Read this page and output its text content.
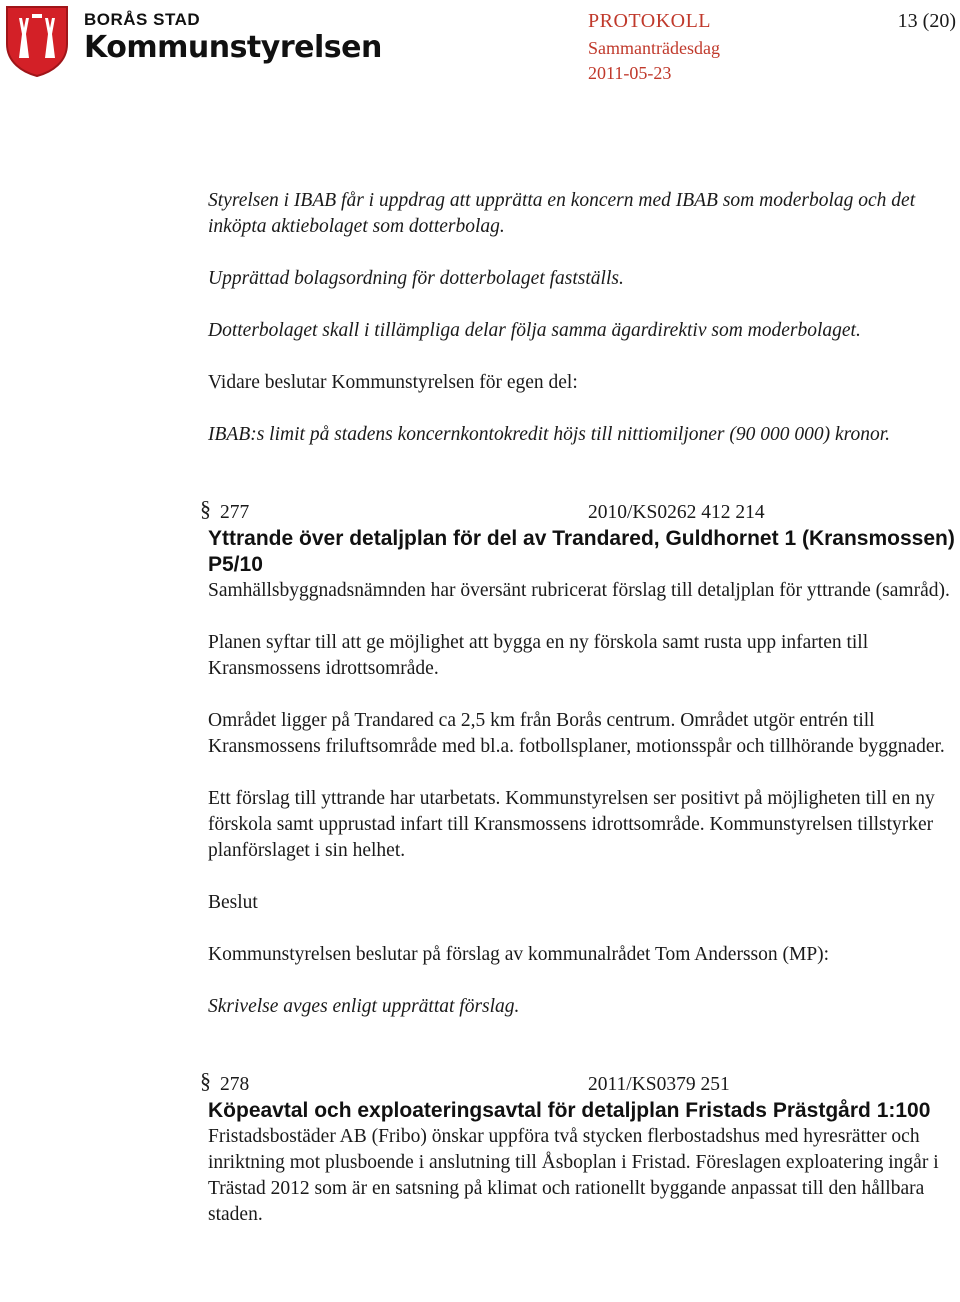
BORÅS STAD
Kommunstyrelsen
PROTOKOLL	13 (20)
Sammanträdesdag
2011-05-23

Styrelsen i IBAB får i uppdrag att upprätta en koncern med IBAB som moderbolag och det inköpta aktiebolaget som dotterbolag.

Upprättad bolagsordning för dotterbolaget fastställs.

Dotterbolaget skall i tillämpliga delar följa samma ägardirektiv som moderbolaget.

Vidare beslutar Kommunstyrelsen för egen del:

IBAB:s limit på stadens koncernkontokredit höjs till nittiomiljoner (90 000 000) kronor.

§ 277	2010/KS0262 412 214
Yttrande över detaljplan för del av Trandared, Guldhornet 1 (Kransmossen) P5/10

Samhällsbyggnadsnämnden har översänt rubricerat förslag till detaljplan för yttrande (samråd).

Planen syftar till att ge möjlighet att bygga en ny förskola samt rusta upp infarten till Kransmossens idrottsområde.

Området ligger på Trandared ca 2,5 km från Borås centrum. Området utgör entrén till Kransmossens friluftsområde med bl.a. fotbollsplaner, motionsspår och tillhörande byggnader.

Ett förslag till yttrande har utarbetats. Kommunstyrelsen ser positivt på möjligheten till en ny förskola samt upprustad infart till Kransmossens idrottsområde. Kommunstyrelsen tillstyrker planförslaget i sin helhet.

Beslut

Kommunstyrelsen beslutar på förslag av kommunalrådet Tom Andersson (MP):

Skrivelse avges enligt upprättat förslag.

§ 278	2011/KS0379 251
Köpeavtal och exploateringsavtal för detaljplan Fristads Prästgård 1:100

Fristadsbostäder AB (Fribo) önskar uppföra två stycken flerbostadshus med hyresrätter och inriktning mot plusboende i anslutning till Åsboplan i Fristad. Föreslagen exploatering ingår i Trästad 2012 som är en satsning på klimat och rationellt byggande anpassat till den hållbara staden.
